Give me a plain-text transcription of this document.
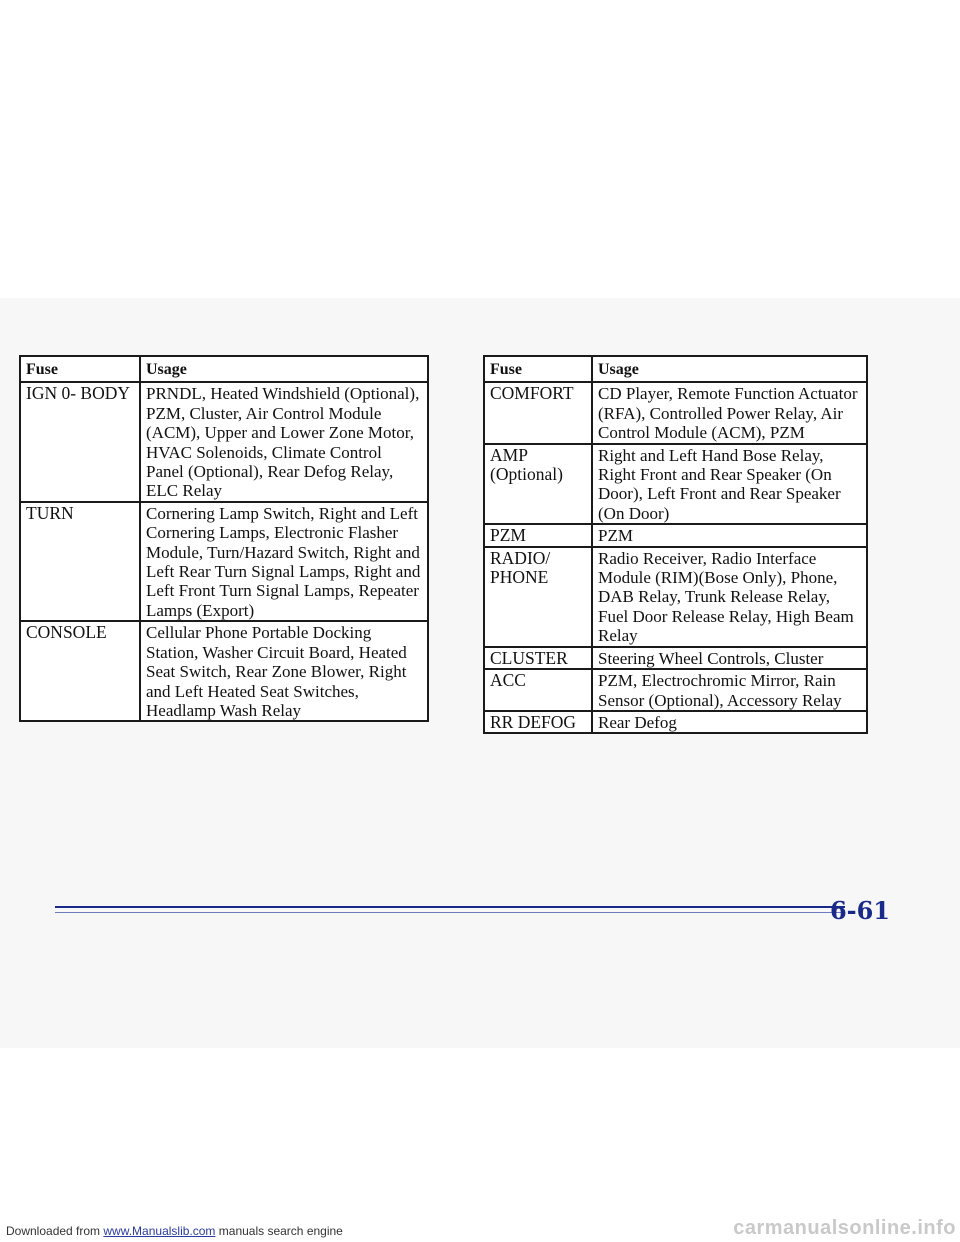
Fuse	Usage
IGN 0- BODY	PRNDL, Heated Windshield (Optional), PZM, Cluster, Air Control Module (ACM), Upper and Lower Zone Motor, HVAC Solenoids, Climate Control Panel (Optional), Rear Defog Relay, ELC Relay
TURN	Cornering Lamp Switch, Right and Left Cornering Lamps, Electronic Flasher Module, Turn/Hazard Switch, Right and Left Rear Turn Signal Lamps, Right and Left Front Turn Signal Lamps, Repeater Lamps (Export)
CONSOLE	Cellular Phone Portable Docking Station, Washer Circuit Board, Heated Seat Switch, Rear Zone Blower, Right and Left Heated Seat Switches, Headlamp Wash Relay
Fuse	Usage
COMFORT	CD Player, Remote Function Actuator (RFA), Controlled Power Relay, Air Control Module (ACM), PZM
AMP (Optional)	Right and Left Hand Bose Relay, Right Front and Rear Speaker (On Door), Left Front and Rear Speaker (On Door)
PZM	PZM
RADIO/ PHONE	Radio Receiver, Radio Interface Module (RIM)(Bose Only), Phone, DAB Relay, Trunk Release Relay, Fuel Door Release Relay, High Beam Relay
CLUSTER	Steering Wheel Controls, Cluster
ACC	PZM, Electrochromic Mirror, Rain Sensor (Optional), Accessory Relay
RR DEFOG	Rear Defog
6-61
Downloaded from www.Manualslib.com manuals search engine	carmanualsonline.info
